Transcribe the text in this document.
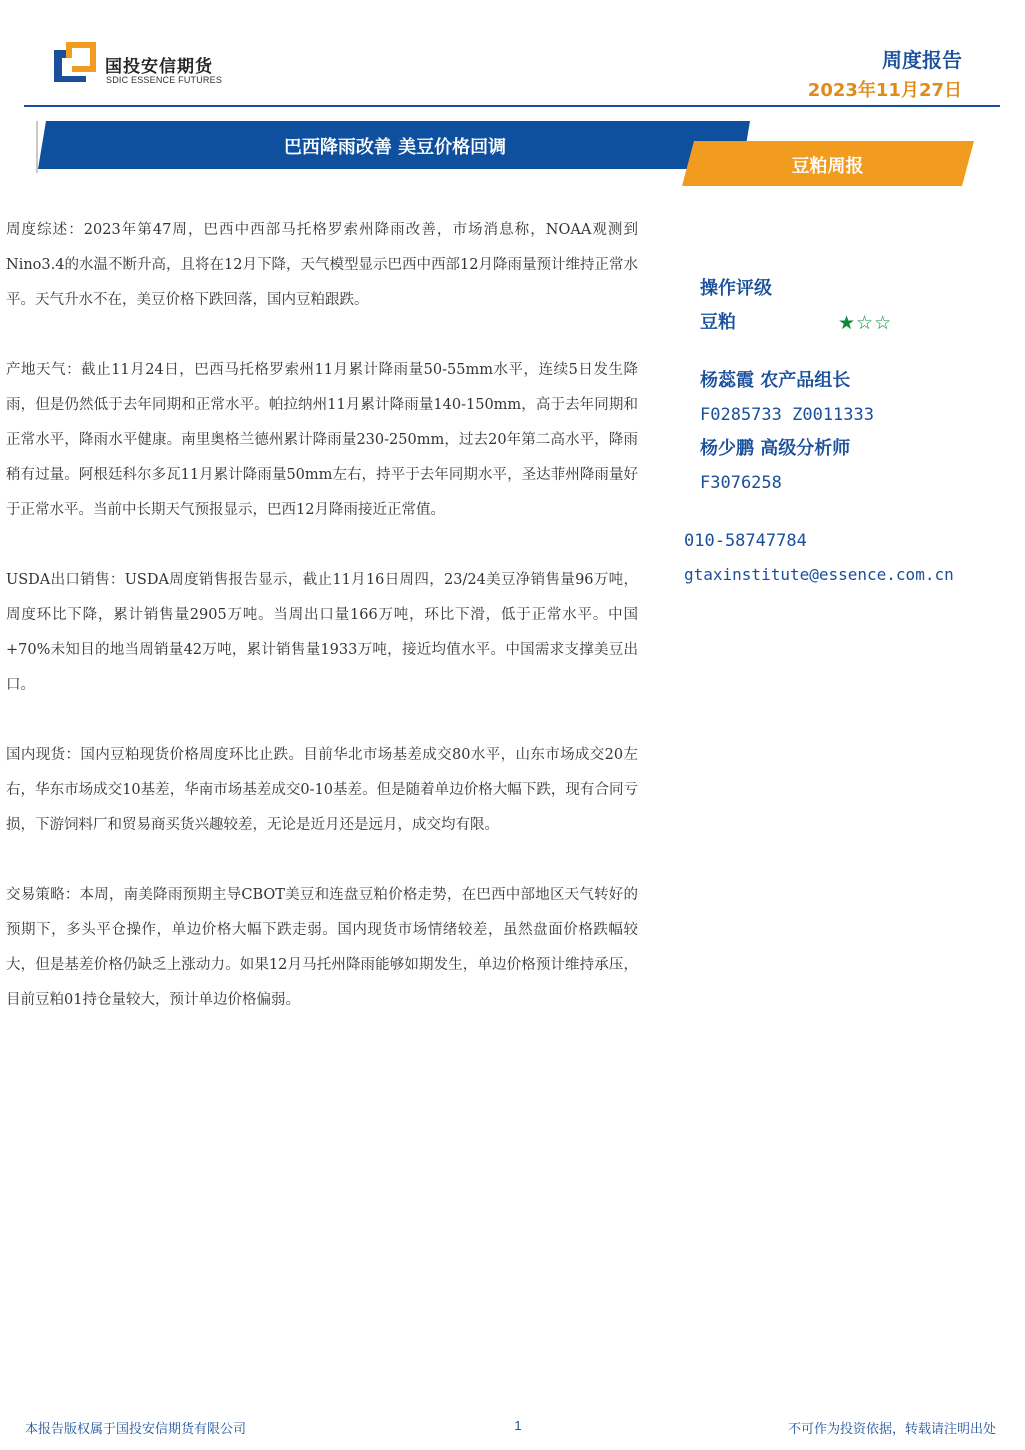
国投安信期货
SDIC ESSENCE FUTURES
周度报告
2023年11月27日
巴西降雨改善 美豆价格回调
豆粕周报

周度综述：2023年第47周，巴西中西部马托格罗索州降雨改善，市场消息称，NOAA观测到Nino3.4的水温不断升高，且将在12月下降，天气模型显示巴西中西部12月降雨量预计维持正常水平。天气升水不在，美豆价格下跌回落，国内豆粕跟跌。

产地天气：截止11月24日，巴西马托格罗索州11月累计降雨量50-55mm水平，连续5日发生降雨，但是仍然低于去年同期和正常水平。帕拉纳州11月累计降雨量140-150mm，高于去年同期和正常水平，降雨水平健康。南里奥格兰德州累计降雨量230-250mm，过去20年第二高水平，降雨稍有过量。阿根廷科尔多瓦11月累计降雨量50mm左右，持平于去年同期水平，圣达菲州降雨量好于正常水平。当前中长期天气预报显示，巴西12月降雨接近正常值。

USDA出口销售：USDA周度销售报告显示，截止11月16日周四，23/24美豆净销售量96万吨，周度环比下降，累计销售量2905万吨。当周出口量166万吨，环比下滑，低于正常水平。中国+70%未知目的地当周销量42万吨，累计销售量1933万吨，接近均值水平。中国需求支撑美豆出口。

国内现货：国内豆粕现货价格周度环比止跌。目前华北市场基差成交80水平，山东市场成交20左右，华东市场成交10基差，华南市场基差成交0-10基差。但是随着单边价格大幅下跌，现有合同亏损，下游饲料厂和贸易商买货兴趣较差，无论是近月还是远月，成交均有限。

交易策略：本周，南美降雨预期主导CBOT美豆和连盘豆粕价格走势，在巴西中部地区天气转好的预期下，多头平仓操作，单边价格大幅下跌走弱。国内现货市场情绪较差，虽然盘面价格跌幅较大，但是基差价格仍缺乏上涨动力。如果12月马托州降雨能够如期发生，单边价格预计维持承压，目前豆粕01持仓量较大，预计单边价格偏弱。

操作评级
豆粕	★☆☆
杨蕊霞 农产品组长
F0285733 Z0011333
杨少鹏 高级分析师
F3076258
010-58747784
gtaxinstitute@essence.com.cn
本报告版权属于国投安信期货有限公司	1	不可作为投资依据，转载请注明出处
